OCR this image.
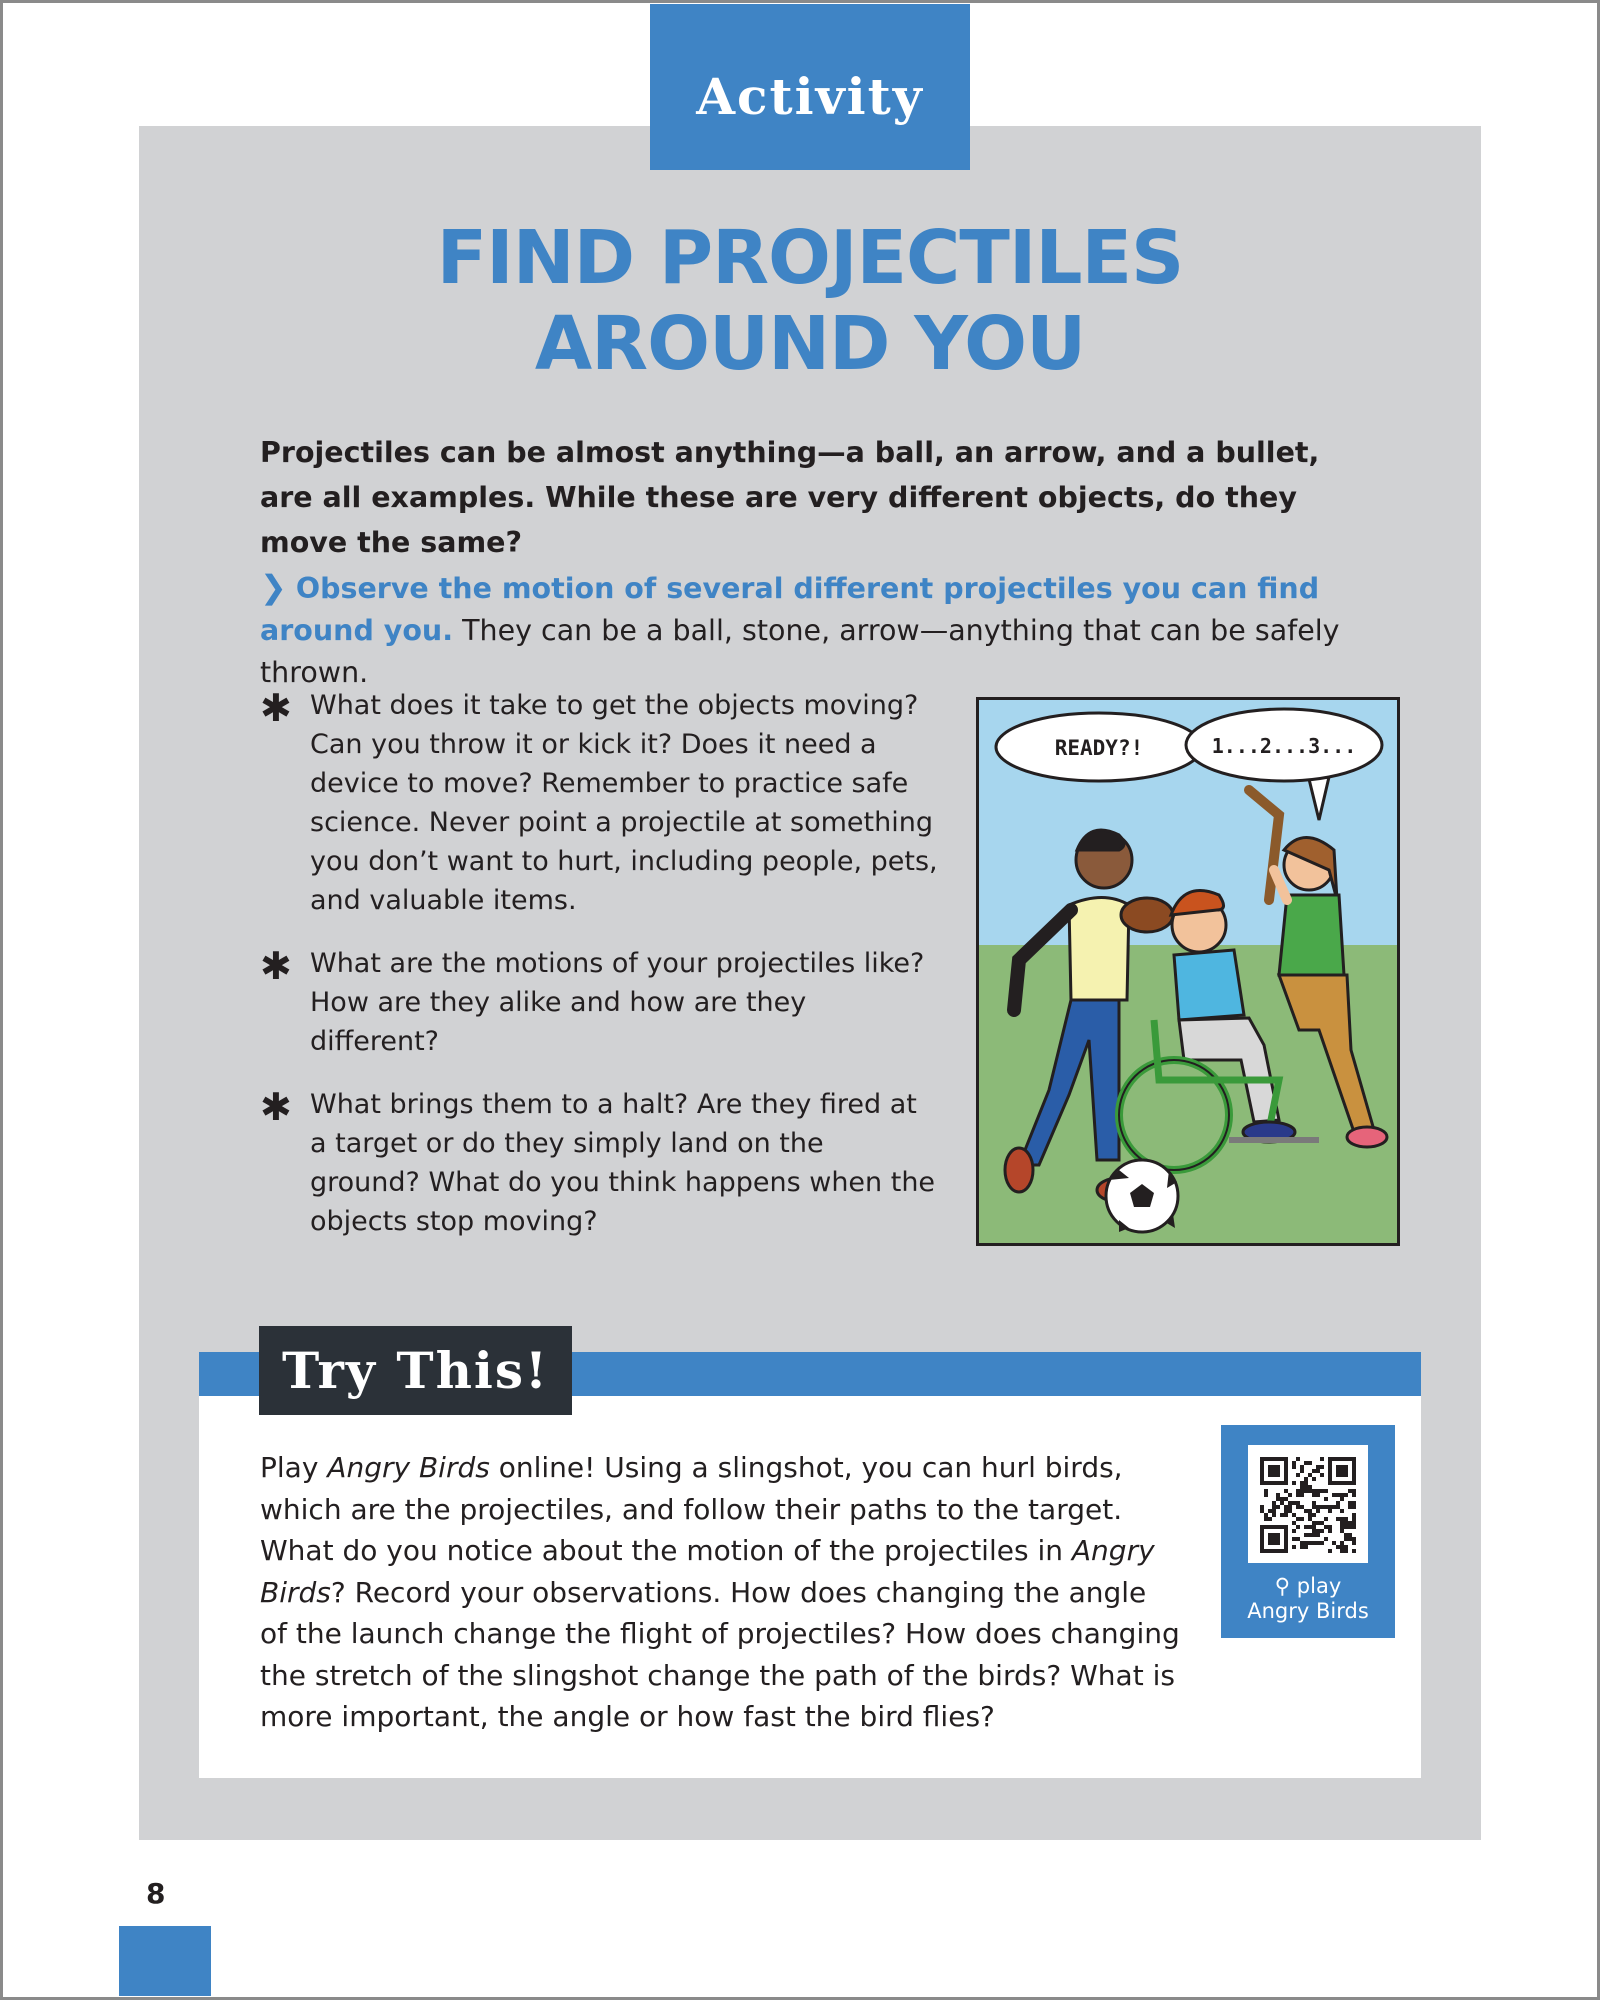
Activity
FIND PROJECTILES
AROUND YOU

Projectiles can be almost anything—a ball, an arrow, and a bullet, are all examples. While these are very different objects, do they move the same?

❯ Observe the motion of several different projectiles you can find around you. They can be a ball, stone, arrow—anything that can be safely thrown.

✱ What does it take to get the objects moving? Can you throw it or kick it? Does it need a device to move? Remember to practice safe science. Never point a projectile at something you don’t want to hurt, including people, pets, and valuable items.
✱ What are the motions of your projectiles like? How are they alike and how are they different?
✱ What brings them to a halt? Are they fired at a target or do they simply land on the ground? What do you think happens when the objects stop moving?
READY?!	1...2...3...
Try This!

Play Angry Birds online! Using a slingshot, you can hurl birds, which are the projectiles, and follow their paths to the target. What do you notice about the motion of the projectiles in Angry Birds? Record your observations. How does changing the angle of the launch change the flight of projectiles? How does changing the stretch of the slingshot change the path of the birds? What is more important, the angle or how fast the bird flies?

⚲ play
Angry Birds
8
